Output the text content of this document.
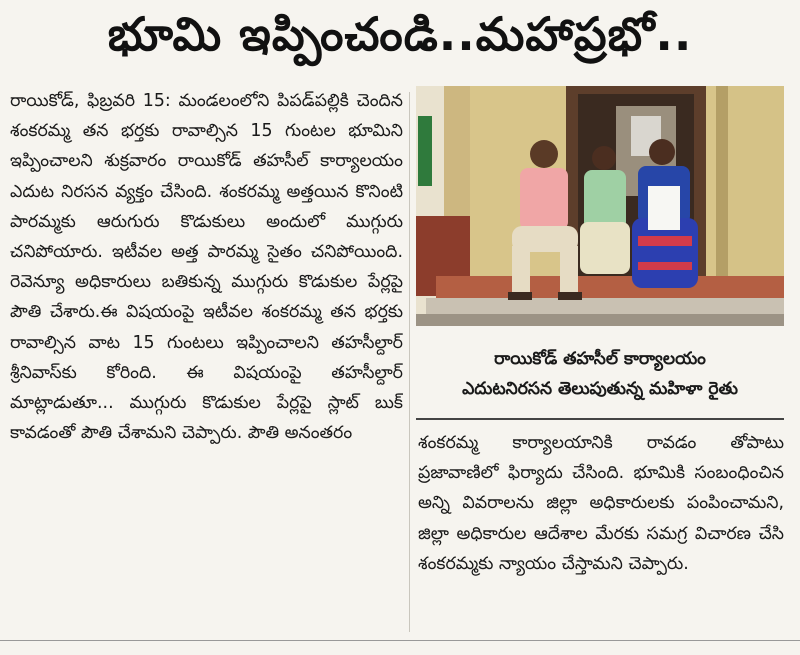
భూమి ఇప్పించండి..మహాప్రభో..

రాయికోడ్‌, ఫిబ్రవరి 15: మండలంలోని పిపడ్‌పల్లికి చెందిన శంకరమ్మ తన భర్తకు రావాల్సిన 15 గుంటల భూమిని ఇప్పించాలని శుక్రవారం రాయికోడ్‌ తహసీల్‌ కార్యాలయం ఎదుట నిరసన వ్యక్తం చేసింది. శంకరమ్మ అత్తయిన కొనింటి పారమ్మకు ఆరుగురు కొడుకులు అందులో ముగ్గురు చనిపోయారు. ఇటీవల అత్త పారమ్మ సైతం చనిపోయింది. రెవెన్యూ అధికారులు బతికున్న ముగ్గురు కొడుకుల పేర్లపై పౌతి చేశారు.ఈ విషయంపై ఇటీవల శంకరమ్మ తన భర్తకు రావాల్సిన వాట 15 గుంటలు ఇప్పించాలని తహసీల్దార్‌ శ్రీనివాస్‌కు కోరింది. ఈ విషయంపై తహసీల్దార్‌ మాట్లాడుతూ... ముగ్గురు కొడుకుల పేర్లపై స్లాట్‌ బుక్‌ కావడంతో పౌతి చేశామని చెప్పారు. పౌతి అనంతరం

రాయికోడ్‌ తహసీల్‌ కార్యాలయం
ఎదుటనిరసన తెలుపుతున్న మహిళా రైతు

శంకరమ్మ కార్యాలయానికి రావడం తోపాటు ప్రజావాణిలో ఫిర్యాదు చేసింది. భూమికి సంబంధించిన అన్ని వివరాలను జిల్లా అధికారులకు పంపించామని, జిల్లా అధికారుల ఆదేశాల మేరకు సమగ్ర విచారణ చేసి శంకరమ్మకు న్యాయం చేస్తామని చెప్పారు.
